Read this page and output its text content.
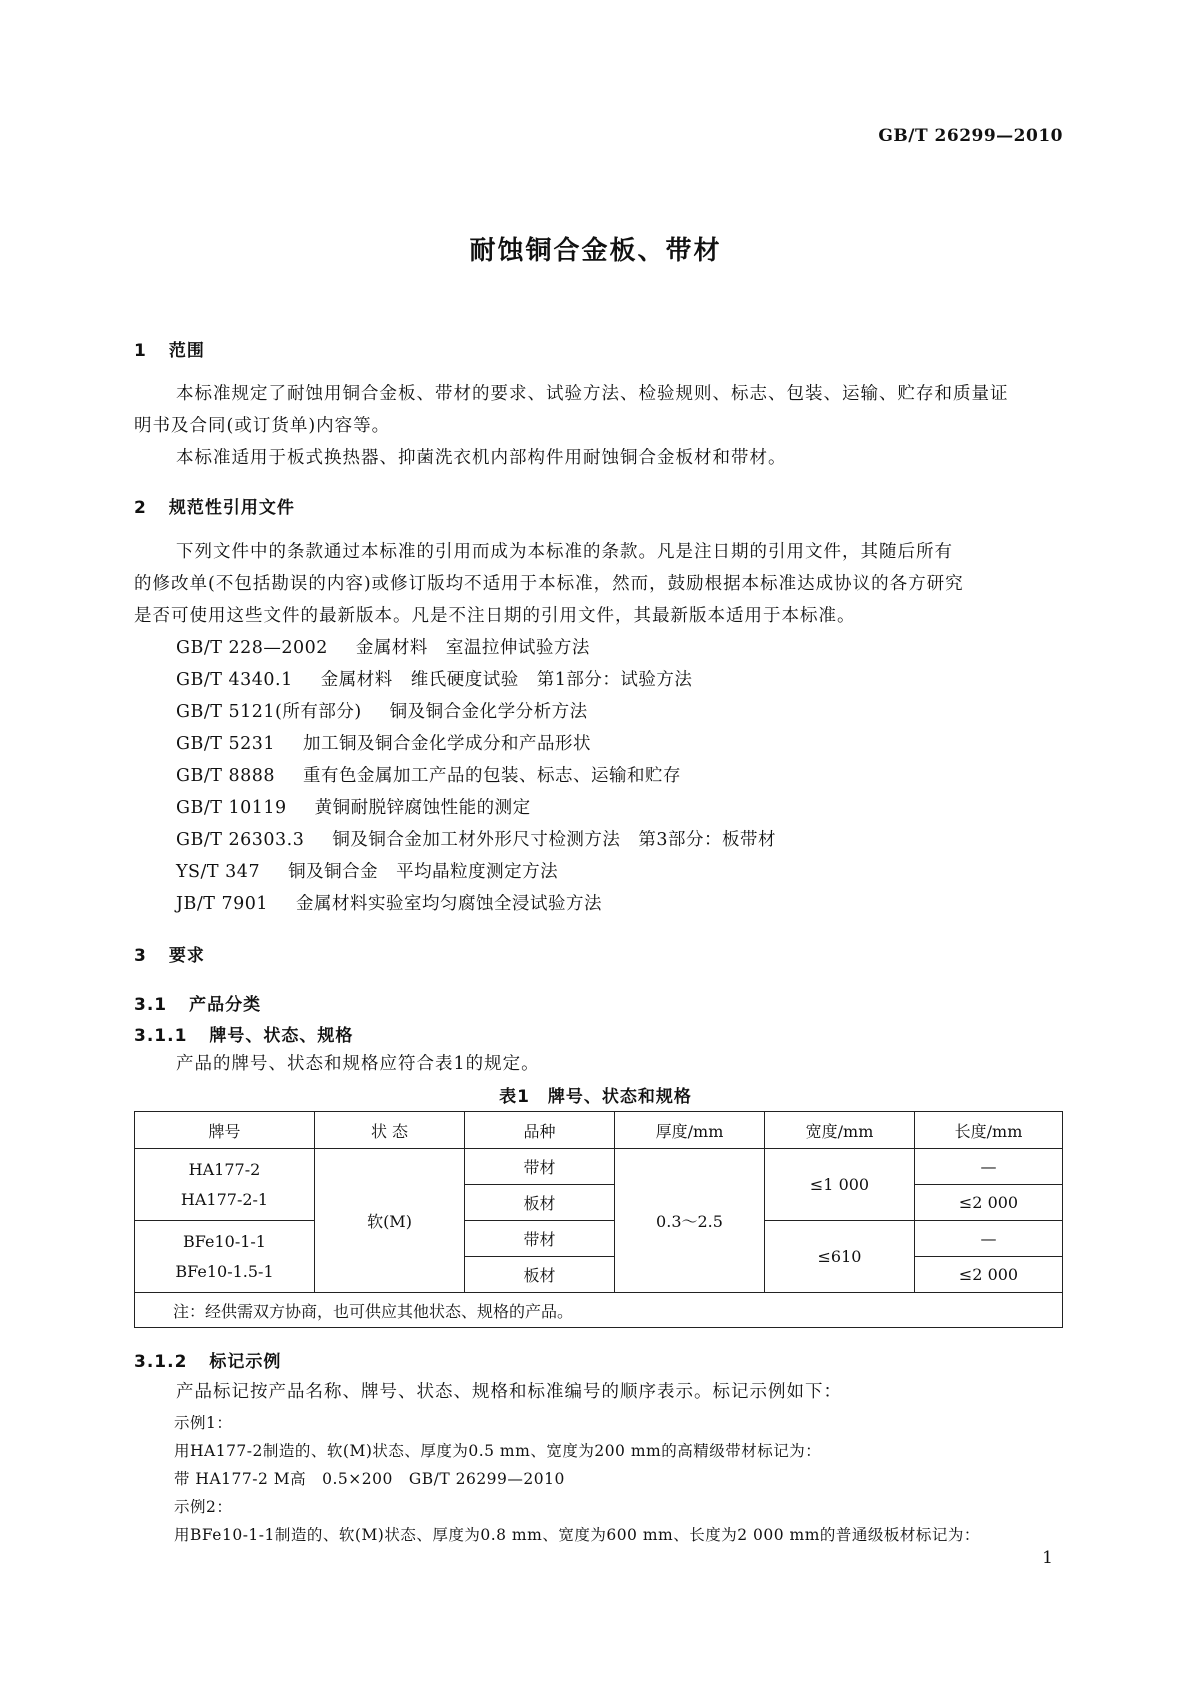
GB/T 26299—2010
耐蚀铜合金板、带材
1 范围
本标准规定了耐蚀用铜合金板、带材的要求、试验方法、检验规则、标志、包装、运输、贮存和质量证
明书及合同(或订货单)内容等。
本标准适用于板式换热器、抑菌洗衣机内部构件用耐蚀铜合金板材和带材。
2 规范性引用文件
下列文件中的条款通过本标准的引用而成为本标准的条款。凡是注日期的引用文件，其随后所有
的修改单(不包括勘误的内容)或修订版均不适用于本标准，然而，鼓励根据本标准达成协议的各方研究
是否可使用这些文件的最新版本。凡是不注日期的引用文件，其最新版本适用于本标准。
GB/T 228—2002 金属材料　室温拉伸试验方法
GB/T 4340.1 金属材料　维氏硬度试验　第1部分：试验方法
GB/T 5121(所有部分) 铜及铜合金化学分析方法
GB/T 5231 加工铜及铜合金化学成分和产品形状
GB/T 8888 重有色金属加工产品的包装、标志、运输和贮存
GB/T 10119 黄铜耐脱锌腐蚀性能的测定
GB/T 26303.3 铜及铜合金加工材外形尺寸检测方法　第3部分：板带材
YS/T 347 铜及铜合金　平均晶粒度测定方法
JB/T 7901 金属材料实验室均匀腐蚀全浸试验方法
3 要求
3.1 产品分类
3.1.1 牌号、状态、规格
产品的牌号、状态和规格应符合表1的规定。
表1　牌号、状态和规格
牌号	状 态	品种	厚度/mm	宽度/mm	长度/mm

HA177-2
HA177-2-1	软(M)	带材	0.3～2.5	≤1 000	—
		板材			≤2 000

BFe10-1-1
BFe10-1.5-1		带材		≤610	—
		板材			≤2 000
注：经供需双方协商，也可供应其他状态、规格的产品。					
3.1.2 标记示例
产品标记按产品名称、牌号、状态、规格和标准编号的顺序表示。标记示例如下：
示例1：
用HA177-2制造的、软(M)状态、厚度为0.5 mm、宽度为200 mm的高精级带材标记为：
带 HA177-2 M高　0.5×200　GB/T 26299—2010
示例2：
用BFe10-1-1制造的、软(M)状态、厚度为0.8 mm、宽度为600 mm、长度为2 000 mm的普通级板材标记为：
1
